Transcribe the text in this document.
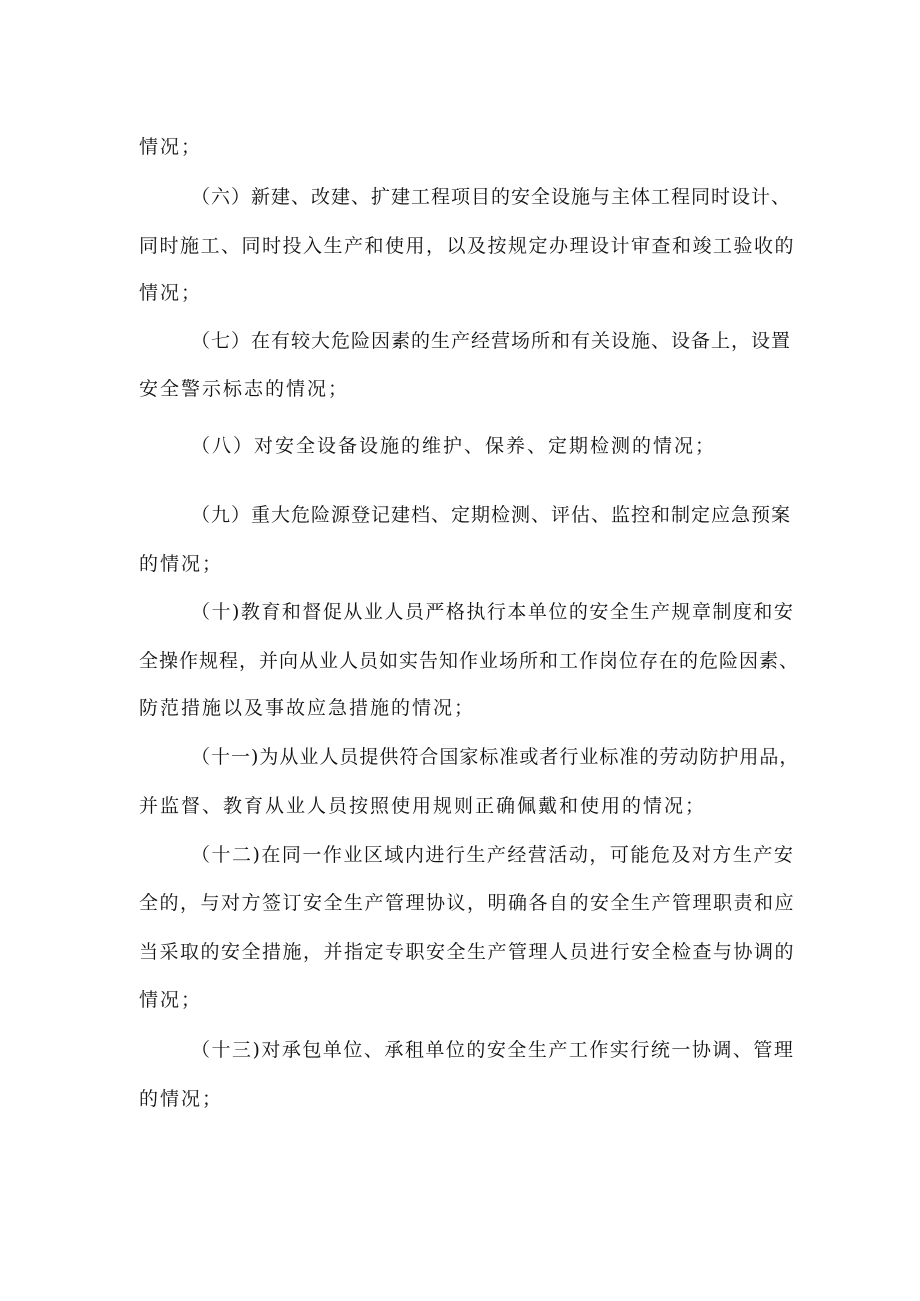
情况；
（六）新建、改建、扩建工程项目的安全设施与主体工程同时设计、
同时施工、同时投入生产和使用，以及按规定办理设计审查和竣工验收的
情况；
（七）在有较大危险因素的生产经营场所和有关设施、设备上，设置
安全警示标志的情况；
（八）对安全设备设施的维护、保养、定期检测的情况；
（九）重大危险源登记建档、定期检测、评估、监控和制定应急预案
的情况；
（十)教育和督促从业人员严格执行本单位的安全生产规章制度和安
全操作规程，并向从业人员如实告知作业场所和工作岗位存在的危险因素、
防范措施以及事故应急措施的情况；
（十一)为从业人员提供符合国家标准或者行业标准的劳动防护用品，
并监督、教育从业人员按照使用规则正确佩戴和使用的情况；
（十二)在同一作业区域内进行生产经营活动，可能危及对方生产安
全的，与对方签订安全生产管理协议，明确各自的安全生产管理职责和应
当采取的安全措施，并指定专职安全生产管理人员进行安全检查与协调的
情况；
（十三)对承包单位、承租单位的安全生产工作实行统一协调、管理
的情况；
